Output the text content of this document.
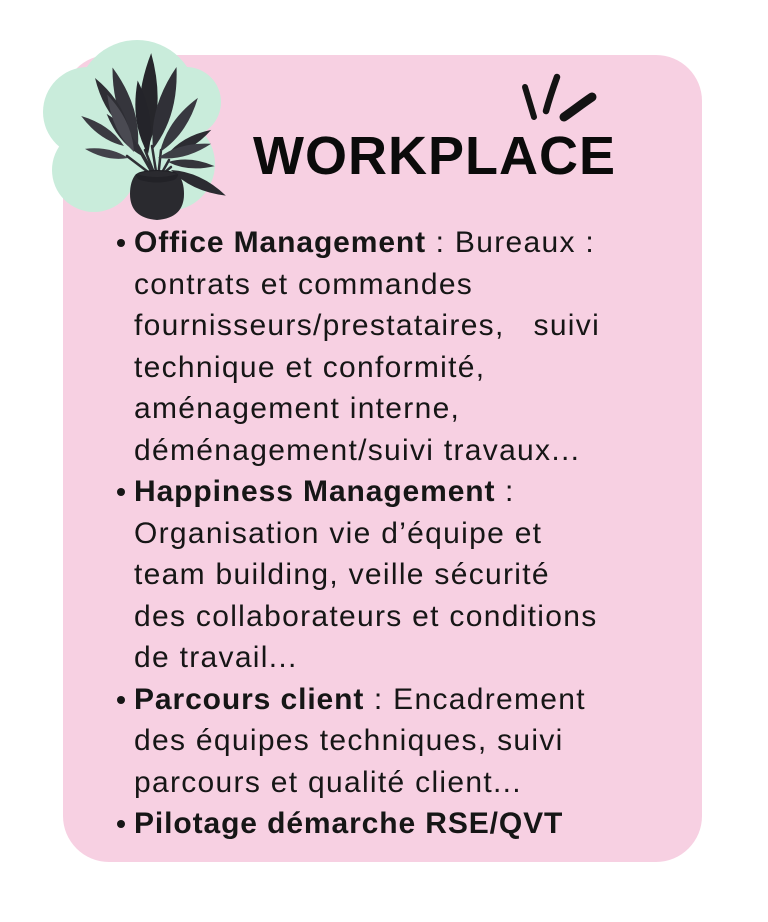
WORKPLACE
Office Management : Bureaux :
contrats et commandes
fournisseurs/prestataires,   suivi
technique et conformité,
aménagement interne,
déménagement/suivi travaux...
Happiness Management :
Organisation vie d’équipe et
team building, veille sécurité
des collaborateurs et conditions
de travail...
Parcours client : Encadrement
des équipes techniques, suivi
parcours et qualité client...
Pilotage démarche RSE/QVT
